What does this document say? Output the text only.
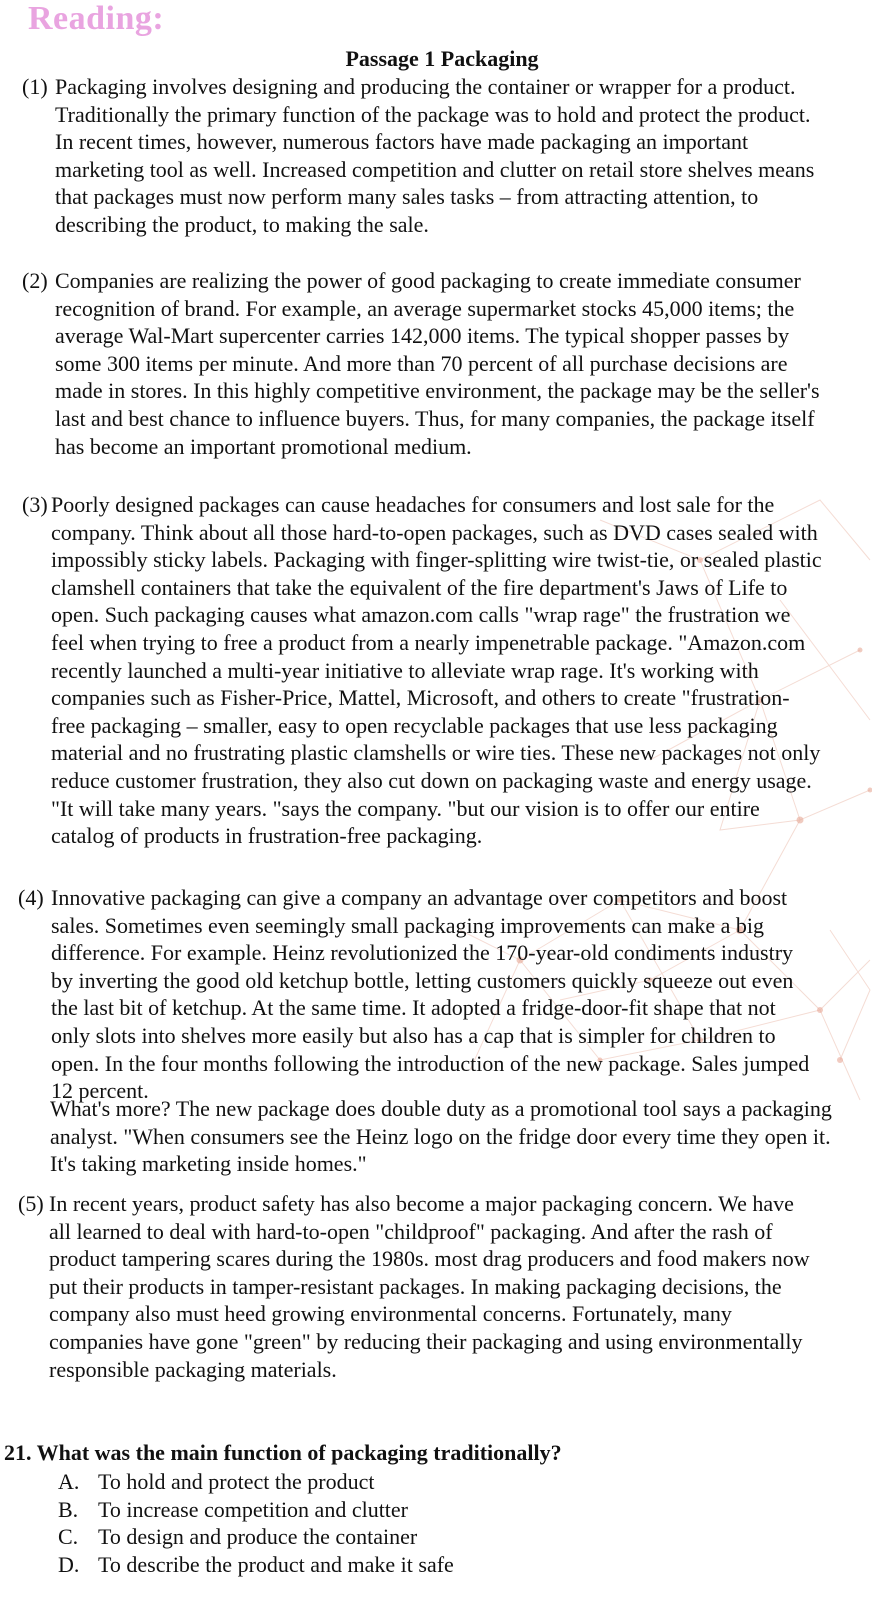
Reading:
Passage 1 Packaging
(1) Packaging involves designing and producing the container or wrapper for a product. Traditionally the primary function of the package was to hold and protect the product. In recent times, however, numerous factors have made packaging an important marketing tool as well. Increased competition and clutter on retail store shelves means that packages must now perform many sales tasks – from attracting attention, to describing the product, to making the sale.
(2) Companies are realizing the power of good packaging to create immediate consumer recognition of brand. For example, an average supermarket stocks 45,000 items; the average Wal-Mart supercenter carries 142,000 items. The typical shopper passes by some 300 items per minute. And more than 70 percent of all purchase decisions are made in stores. In this highly competitive environment, the package may be the seller's last and best chance to influence buyers. Thus, for many companies, the package itself has become an important promotional medium.
(3) Poorly designed packages can cause headaches for consumers and lost sale for the company. Think about all those hard-to-open packages, such as DVD cases sealed with impossibly sticky labels. Packaging with finger-splitting wire twist-tie, or sealed plastic clamshell containers that take the equivalent of the fire department's Jaws of Life to open. Such packaging causes what amazon.com calls "wrap rage" the frustration we feel when trying to free a product from a nearly impenetrable package. "Amazon.com recently launched a multi-year initiative to alleviate wrap rage. It's working with companies such as Fisher-Price, Mattel, Microsoft, and others to create "frustration-free packaging – smaller, easy to open recyclable packages that use less packaging material and no frustrating plastic clamshells or wire ties. These new packages not only reduce customer frustration, they also cut down on packaging waste and energy usage. "It will take many years. "says the company. "but our vision is to offer our entire catalog of products in frustration-free packaging.
(4) Innovative packaging can give a company an advantage over competitors and boost sales. Sometimes even seemingly small packaging improvements can make a big difference. For example. Heinz revolutionized the 170-year-old condiments industry by inverting the good old ketchup bottle, letting customers quickly squeeze out even the last bit of ketchup. At the same time. It adopted a fridge-door-fit shape that not only slots into shelves more easily but also has a cap that is simpler for children to open. In the four months following the introduction of the new package. Sales jumped 12 percent.
What's more? The new package does double duty as a promotional tool says a packaging analyst. "When consumers see the Heinz logo on the fridge door every time they open it. It's taking marketing inside homes."
(5) In recent years, product safety has also become a major packaging concern. We have all learned to deal with hard-to-open "childproof" packaging. And after the rash of product tampering scares during the 1980s. most drag producers and food makers now put their products in tamper-resistant packages. In making packaging decisions, the company also must heed growing environmental concerns. Fortunately, many companies have gone "green" by reducing their packaging and using environmentally responsible packaging materials.
21. What was the main function of packaging traditionally?
A. To hold and protect the product
B. To increase competition and clutter
C. To design and produce the container
D. To describe the product and make it safe
